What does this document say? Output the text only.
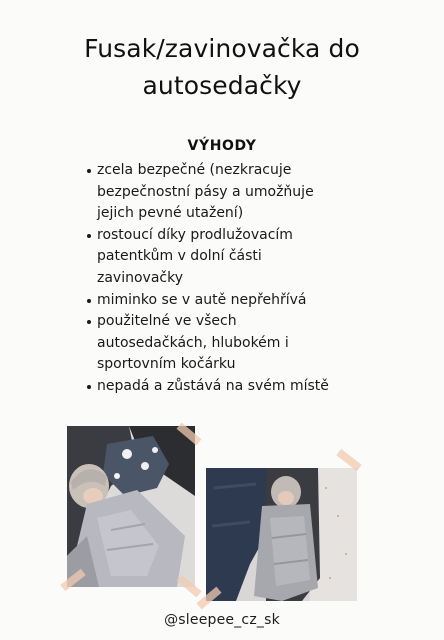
Fusak/zavinovačka do
autosedačky
VÝHODY
zcela bezpečné (nezkracuje
bezpečnostní pásy a umožňuje
jejich pevné utažení)
rostoucí díky prodlužovacím
patentkům v dolní části
zavinovačky
miminko se v autě nepřehřívá
použitelné ve všech
autosedačkách, hlubokém i
sportovním kočárku
nepadá a zůstává na svém místě
@sleepee_cz_sk
